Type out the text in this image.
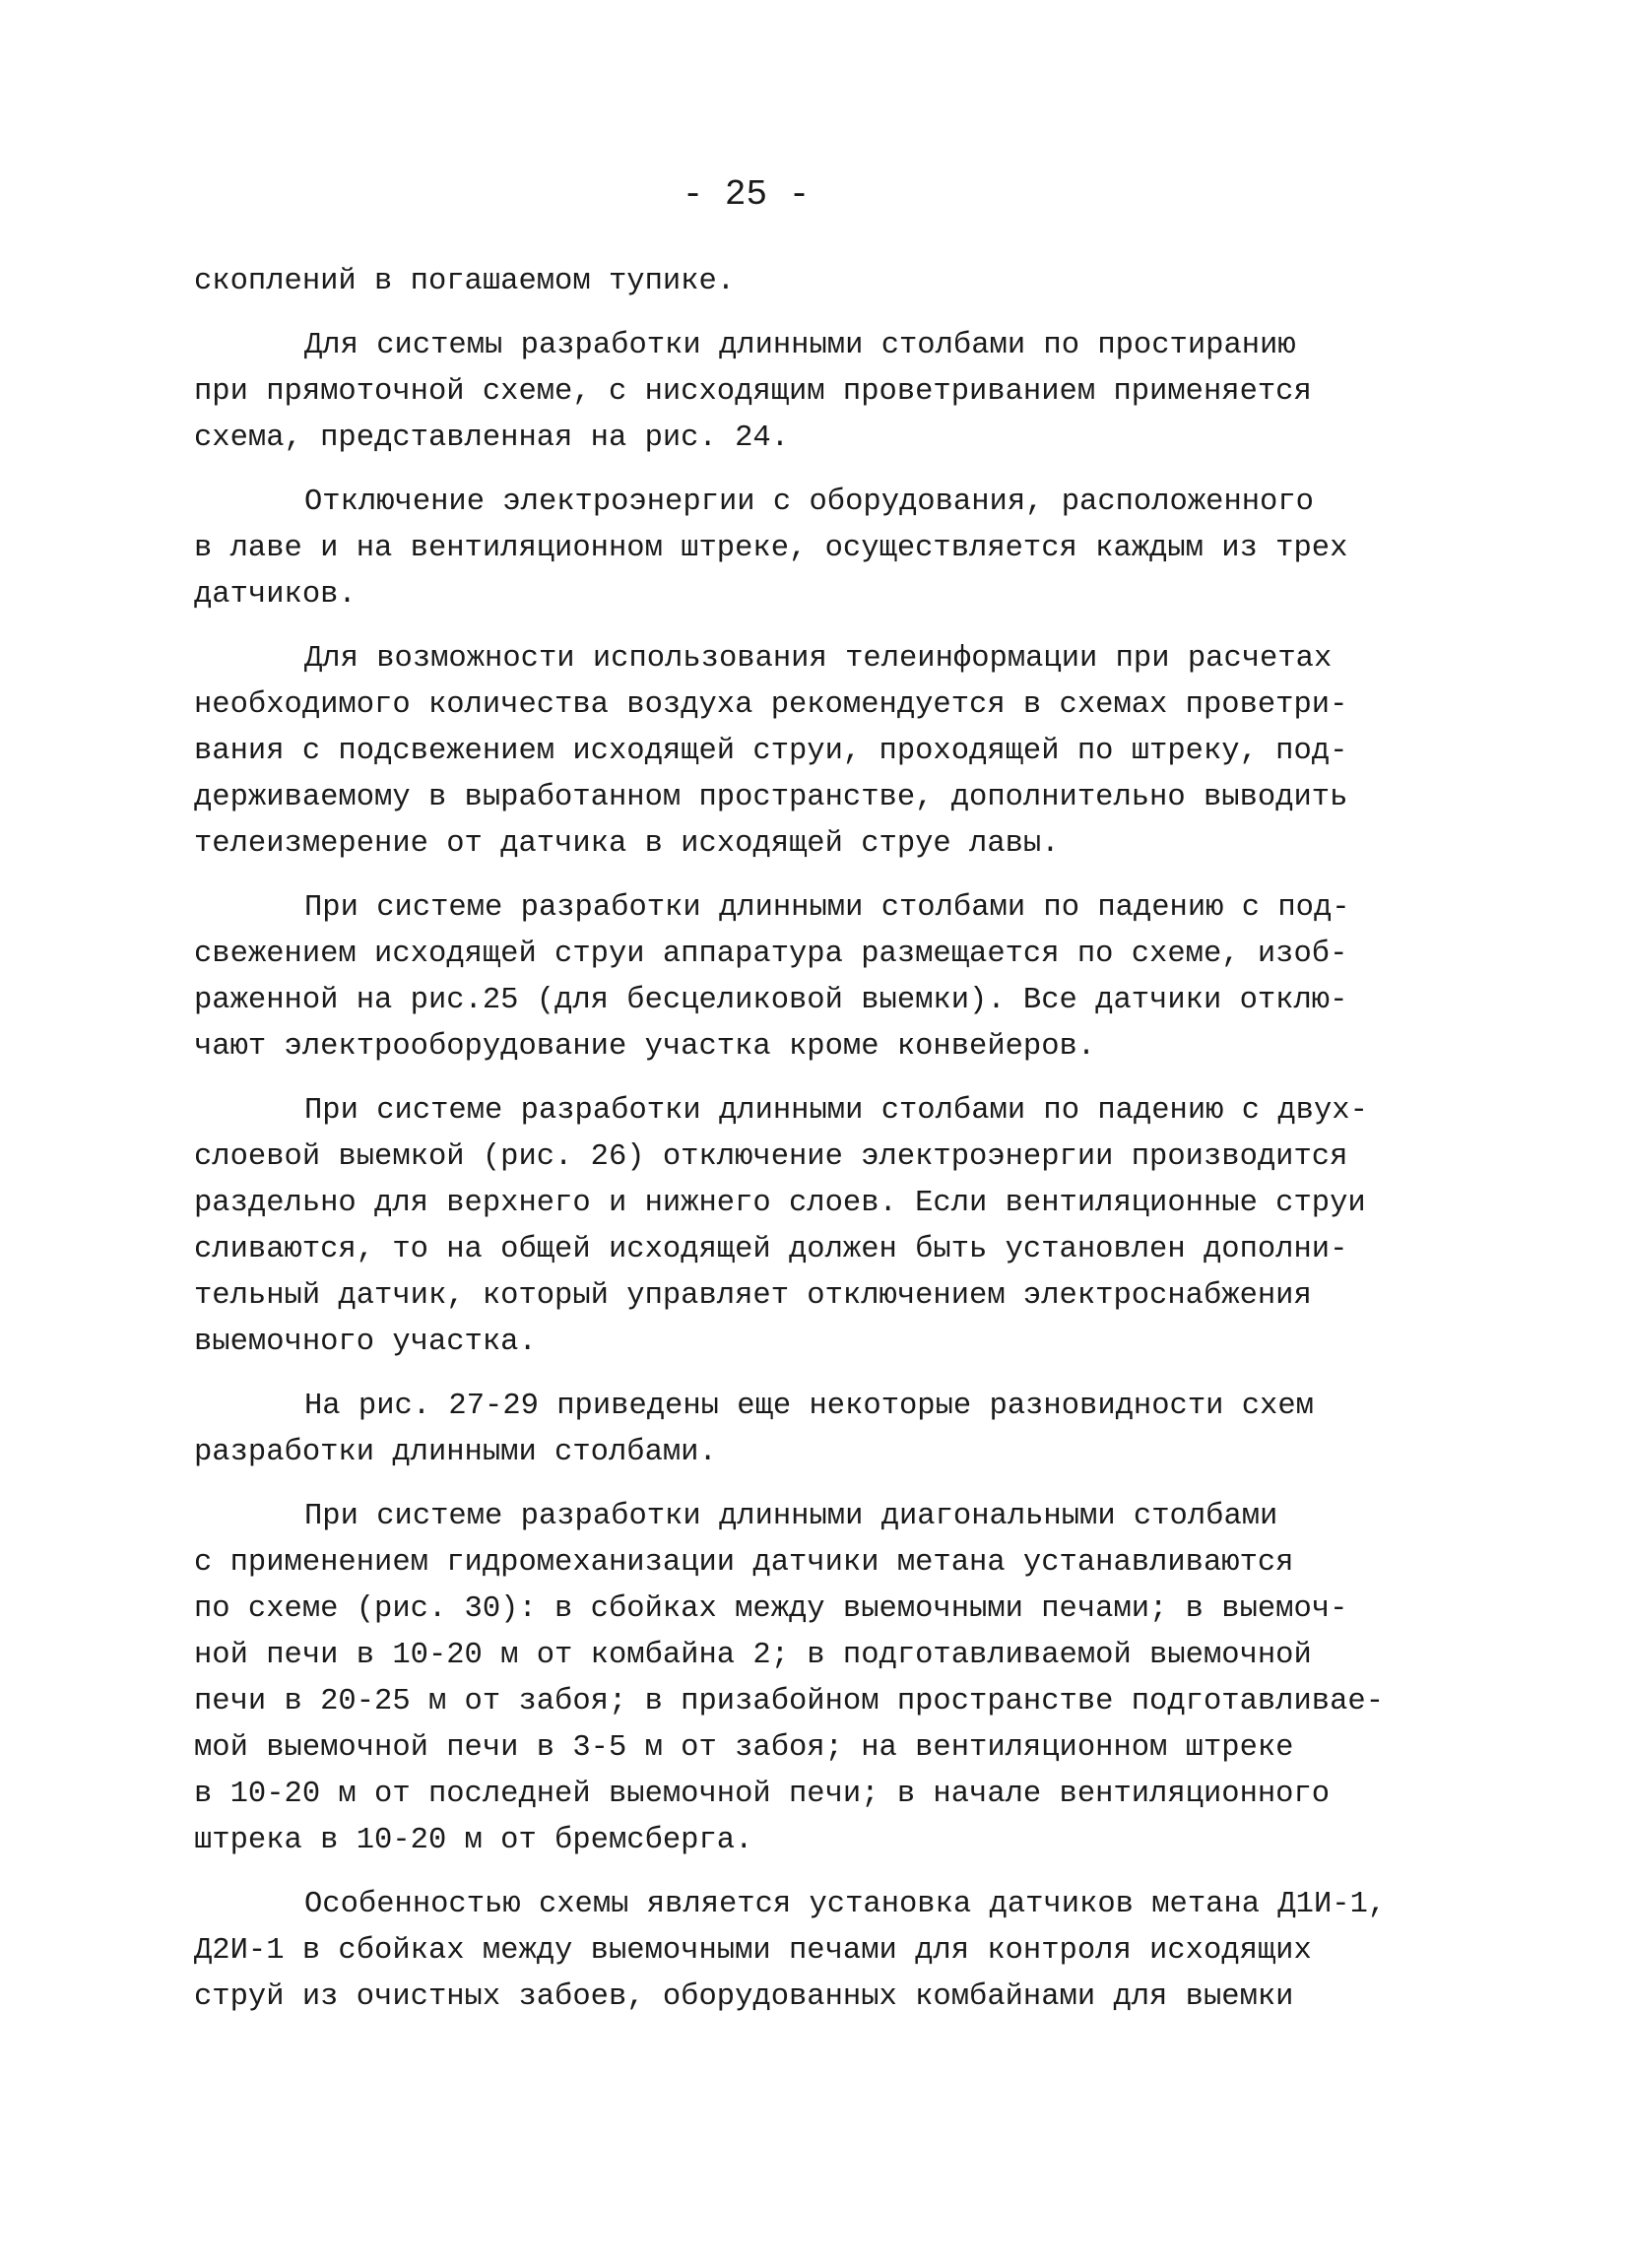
- 25 -
скоплений в погашаемом тупике.
Для системы разработки длинными столбами по простиранию
при прямоточной схеме, с нисходящим проветриванием применяется
схема, представленная на рис. 24.
Отключение электроэнергии с оборудования, расположенного
в лаве и на вентиляционном штреке, осуществляется каждым из трех
датчиков.
Для возможности использования телеинформации при расчетах
необходимого количества воздуха рекомендуется в схемах проветри-
вания с подсвежением исходящей струи, проходящей по штреку, под-
держиваемому в выработанном пространстве, дополнительно выводить
телеизмерение от датчика в исходящей струе лавы.
При системе разработки длинными столбами по падению с под-
свежением исходящей струи аппаратура размещается по схеме, изоб-
раженной на рис.25 (для бесцеликовой выемки). Все датчики отклю-
чают электрооборудование участка кроме конвейеров.
При системе разработки длинными столбами по падению с двух-
слоевой выемкой (рис. 26) отключение электроэнергии производится
раздельно для верхнего и нижнего слоев. Если вентиляционные струи
сливаются, то на общей исходящей должен быть установлен дополни-
тельный датчик, который управляет отключением электроснабжения
выемочного участка.
На рис. 27-29 приведены еще некоторые разновидности схем
разработки длинными столбами.
При системе разработки длинными диагональными столбами
с применением гидромеханизации датчики метана устанавливаются
по схеме (рис. 30): в сбойках между выемочными печами; в выемоч-
ной печи в 10-20 м от комбайна 2; в подготавливаемой выемочной
печи в 20-25 м от забоя; в призабойном пространстве подготавливае-
мой выемочной печи в 3-5 м от забоя; на вентиляционном штреке
в 10-20 м от последней выемочной печи; в начале вентиляционного
штрека в 10-20 м от бремсберга.
Особенностью схемы является установка датчиков метана Д1И-1,
Д2И-1 в сбойках между выемочными печами для контроля исходящих
струй из очистных забоев, оборудованных комбайнами для выемки
